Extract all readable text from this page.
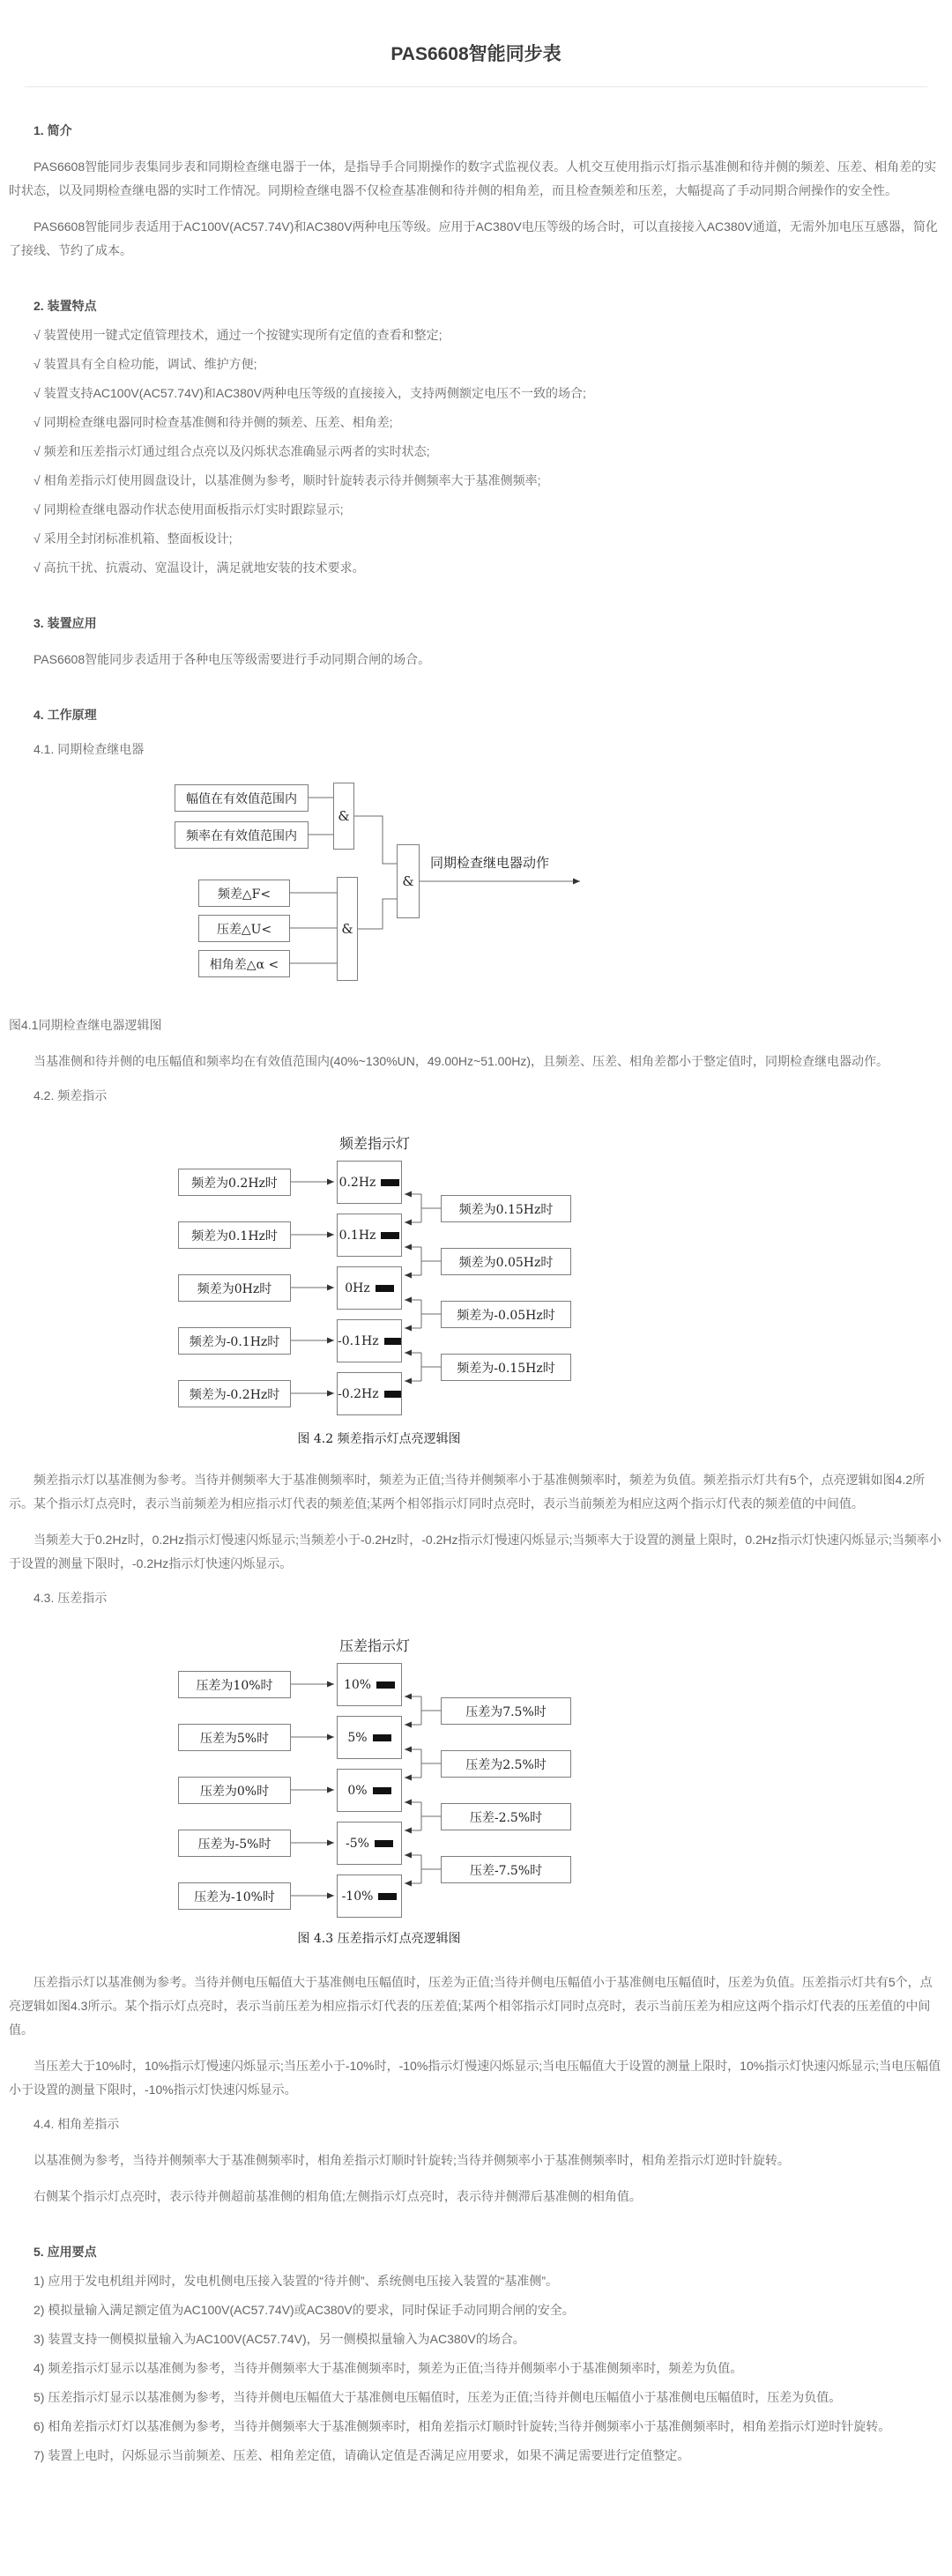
PAS6608智能同步表

1. 简介

PAS6608智能同步表集同步表和同期检查继电器于一体，是指导手合同期操作的数字式监视仪表。人机交互使用指示灯指示基准侧和待并侧的频差、压差、相角差的实时状态，以及同期检查继电器的实时工作情况。同期检查继电器不仅检查基准侧和待并侧的相角差，而且检查频差和压差，大幅提高了手动同期合闸操作的安全性。

PAS6608智能同步表适用于AC100V(AC57.74V)和AC380V两种电压等级。应用于AC380V电压等级的场合时，可以直接接入AC380V通道，无需外加电压互感器，简化了接线、节约了成本。

2. 装置特点

√ 装置使用一键式定值管理技术，通过一个按键实现所有定值的查看和整定;

√ 装置具有全自检功能，调试、维护方便;

√ 装置支持AC100V(AC57.74V)和AC380V两种电压等级的直接接入，支持两侧额定电压不一致的场合;

√ 同期检查继电器同时检查基准侧和待并侧的频差、压差、相角差;

√ 频差和压差指示灯通过组合点亮以及闪烁状态准确显示两者的实时状态;

√ 相角差指示灯使用圆盘设计，以基准侧为参考，顺时针旋转表示待并侧频率大于基准侧频率;

√ 同期检查继电器动作状态使用面板指示灯实时跟踪显示;

√ 采用全封闭标准机箱、整面板设计;

√ 高抗干扰、抗震动、宽温设计，满足就地安装的技术要求。

3. 装置应用

PAS6608智能同步表适用于各种电压等级需要进行手动同期合闸的场合。

4. 工作原理

4.1. 同期检查继电器

幅值在有效值范围内
频率在有效值范围内
&
频差△F<
压差△U<
相角差△α <
&
&
同期检查继电器动作

图4.1同期检查继电器逻辑图

当基准侧和待并侧的电压幅值和频率均在有效值范围内(40%~130%UN，49.00Hz~51.00Hz)，且频差、压差、相角差都小于整定值时，同期检查继电器动作。

4.2. 频差指示

频差指示灯
频差为0.2Hz时
频差为0.1Hz时
频差为0Hz时
频差为-0.1Hz时
频差为-0.2Hz时
0.2Hz
0.1Hz
0Hz
-0.1Hz
-0.2Hz
频差为0.15Hz时
频差为0.05Hz时
频差为-0.05Hz时
频差为-0.15Hz时
图 4.2 频差指示灯点亮逻辑图

频差指示灯以基准侧为参考。当待并侧频率大于基准侧频率时，频差为正值;当待并侧频率小于基准侧频率时，频差为负值。频差指示灯共有5个，点亮逻辑如图4.2所示。某个指示灯点亮时，表示当前频差为相应指示灯代表的频差值;某两个相邻指示灯同时点亮时，表示当前频差为相应这两个指示灯代表的频差值的中间值。

当频差大于0.2Hz时，0.2Hz指示灯慢速闪烁显示;当频差小于-0.2Hz时，-0.2Hz指示灯慢速闪烁显示;当频率大于设置的测量上限时，0.2Hz指示灯快速闪烁显示;当频率小于设置的测量下限时，-0.2Hz指示灯快速闪烁显示。

4.3. 压差指示

压差指示灯
压差为10%时
压差为5%时
压差为0%时
压差为-5%时
压差为-10%时
10%
5%
0%
-5%
-10%
压差为7.5%时
压差为2.5%时
压差-2.5%时
压差-7.5%时
图 4.3 压差指示灯点亮逻辑图

压差指示灯以基准侧为参考。当待并侧电压幅值大于基准侧电压幅值时，压差为正值;当待并侧电压幅值小于基准侧电压幅值时，压差为负值。压差指示灯共有5个，点亮逻辑如图4.3所示。某个指示灯点亮时，表示当前压差为相应指示灯代表的压差值;某两个相邻指示灯同时点亮时，表示当前压差为相应这两个指示灯代表的压差值的中间值。

当压差大于10%时，10%指示灯慢速闪烁显示;当压差小于-10%时，-10%指示灯慢速闪烁显示;当电压幅值大于设置的测量上限时，10%指示灯快速闪烁显示;当电压幅值小于设置的测量下限时，-10%指示灯快速闪烁显示。

4.4. 相角差指示

以基准侧为参考，当待并侧频率大于基准侧频率时，相角差指示灯顺时针旋转;当待并侧频率小于基准侧频率时，相角差指示灯逆时针旋转。

右侧某个指示灯点亮时，表示待并侧超前基准侧的相角值;左侧指示灯点亮时，表示待并侧滞后基准侧的相角值。

5. 应用要点

1) 应用于发电机组并网时，发电机侧电压接入装置的“待并侧”、系统侧电压接入装置的“基准侧”。

2) 模拟量输入满足额定值为AC100V(AC57.74V)或AC380V的要求，同时保证手动同期合闸的安全。

3) 装置支持一侧模拟量输入为AC100V(AC57.74V)，另一侧模拟量输入为AC380V的场合。

4) 频差指示灯显示以基准侧为参考，当待并侧频率大于基准侧频率时，频差为正值;当待并侧频率小于基准侧频率时，频差为负值。

5) 压差指示灯显示以基准侧为参考，当待并侧电压幅值大于基准侧电压幅值时，压差为正值;当待并侧电压幅值小于基准侧电压幅值时，压差为负值。

6) 相角差指示灯灯以基准侧为参考，当待并侧频率大于基准侧频率时，相角差指示灯顺时针旋转;当待并侧频率小于基准侧频率时，相角差指示灯逆时针旋转。

7) 装置上电时，闪烁显示当前频差、压差、相角差定值，请确认定值是否满足应用要求，如果不满足需要进行定值整定。
